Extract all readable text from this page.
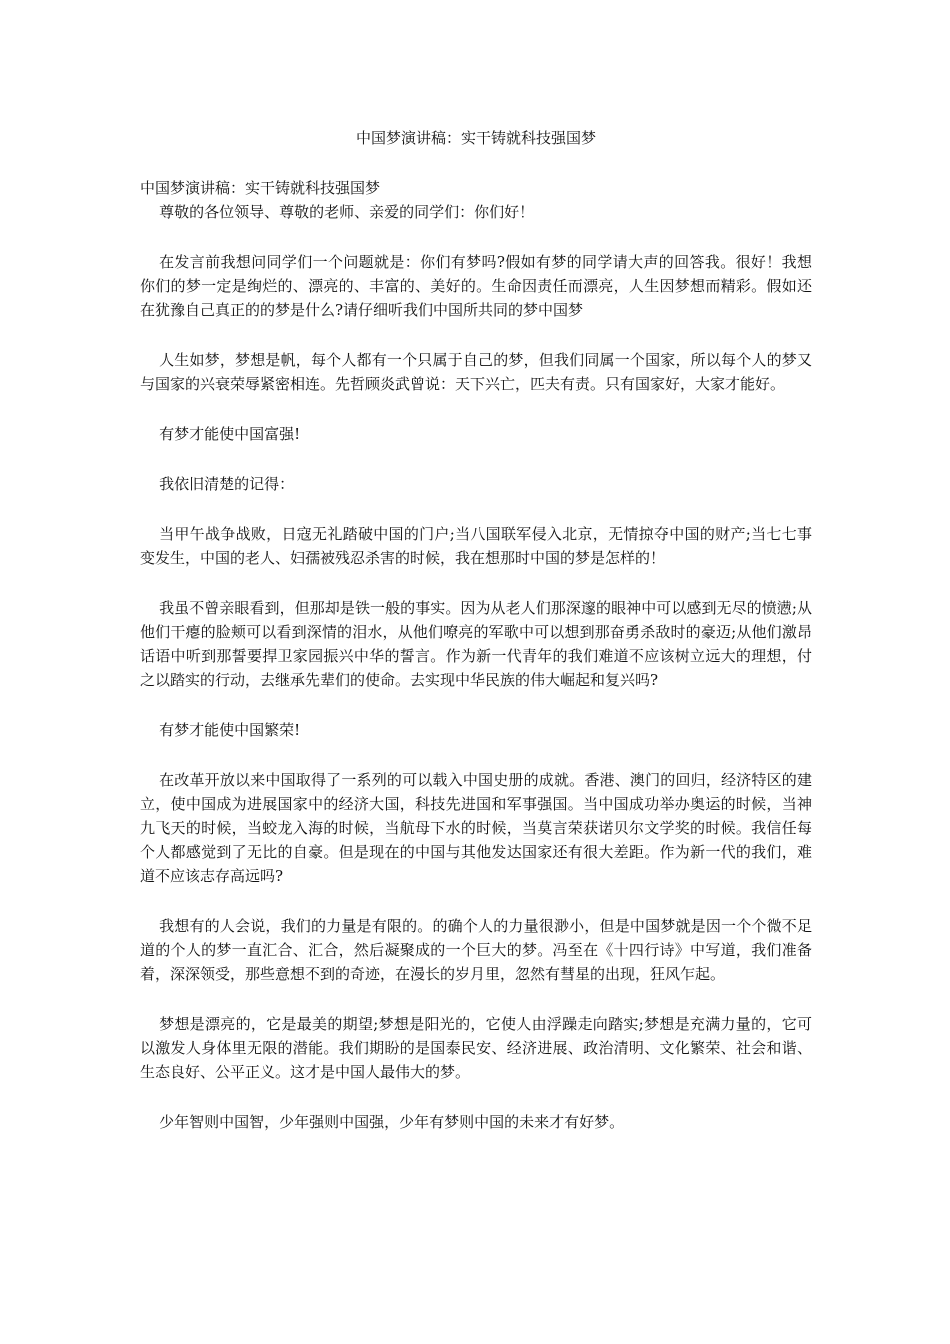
中国梦演讲稿：实干铸就科技强国梦

中国梦演讲稿：实干铸就科技强国梦

尊敬的各位领导、尊敬的老师、亲爱的同学们：你们好！

在发言前我想问同学们一个问题就是：你们有梦吗?假如有梦的同学请大声的回答我。很好！我想你们的梦一定是绚烂的、漂亮的、丰富的、美好的。生命因责任而漂亮，人生因梦想而精彩。假如还在犹豫自己真正的的梦是什么?请仔细听我们中国所共同的梦中国梦

人生如梦，梦想是帆，每个人都有一个只属于自己的梦，但我们同属一个国家，所以每个人的梦又与国家的兴衰荣辱紧密相连。先哲顾炎武曾说：天下兴亡，匹夫有责。只有国家好，大家才能好。

有梦才能使中国富强!

我依旧清楚的记得：

当甲午战争战败，日寇无礼踏破中国的门户;当八国联军侵入北京，无情掠夺中国的财产;当七七事变发生，中国的老人、妇孺被残忍杀害的时候，我在想那时中国的梦是怎样的！

我虽不曾亲眼看到，但那却是铁一般的事实。因为从老人们那深邃的眼神中可以感到无尽的愤懑;从他们干瘪的脸颊可以看到深情的泪水，从他们嘹亮的军歌中可以想到那奋勇杀敌时的豪迈;从他们激昂话语中听到那誓要捍卫家园振兴中华的誓言。作为新一代青年的我们难道不应该树立远大的理想，付之以踏实的行动，去继承先辈们的使命。去实现中华民族的伟大崛起和复兴吗?

有梦才能使中国繁荣!

在改革开放以来中国取得了一系列的可以载入中国史册的成就。香港、澳门的回归，经济特区的建立，使中国成为进展国家中的经济大国，科技先进国和军事强国。当中国成功举办奥运的时候，当神九飞天的时候，当蛟龙入海的时候，当航母下水的时候，当莫言荣获诺贝尔文学奖的时候。我信任每个人都感觉到了无比的自豪。但是现在的中国与其他发达国家还有很大差距。作为新一代的我们，难道不应该志存高远吗?

我想有的人会说，我们的力量是有限的。的确个人的力量很渺小，但是中国梦就是因一个个微不足道的个人的梦一直汇合、汇合，然后凝聚成的一个巨大的梦。冯至在《十四行诗》中写道，我们准备着，深深领受，那些意想不到的奇迹，在漫长的岁月里，忽然有彗星的出现，狂风乍起。

梦想是漂亮的，它是最美的期望;梦想是阳光的，它使人由浮躁走向踏实;梦想是充满力量的，它可以激发人身体里无限的潜能。我们期盼的是国泰民安、经济进展、政治清明、文化繁荣、社会和谐、生态良好、公平正义。这才是中国人最伟大的梦。

少年智则中国智，少年强则中国强，少年有梦则中国的未来才有好梦。
